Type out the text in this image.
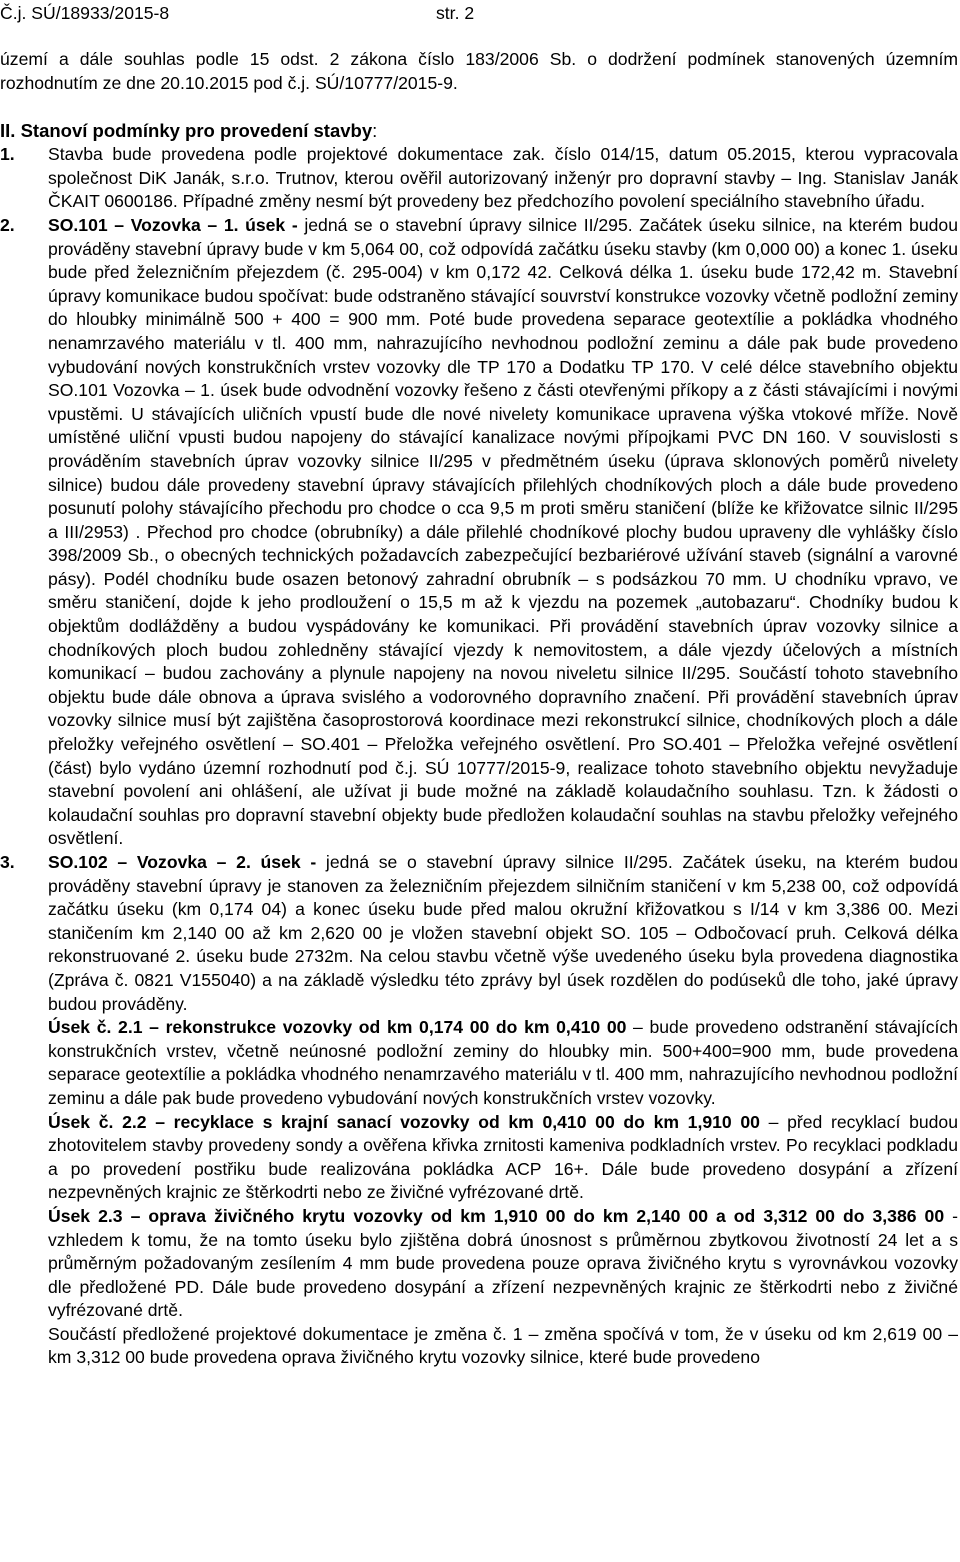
Č.j. SÚ/18933/2015-8	str. 2

území a dále souhlas podle 15 odst. 2 zákona číslo 183/2006 Sb. o dodržení podmínek stanovených územním rozhodnutím ze dne 20.10.2015 pod č.j. SÚ/10777/2015-9.

II. Stanoví podmínky pro provedení stavby:

1. Stavba bude provedena podle projektové dokumentace zak. číslo 014/15, datum 05.2015, kterou vypracovala společnost DiK Janák, s.r.o. Trutnov, kterou ověřil autorizovaný inženýr pro dopravní stavby – Ing. Stanislav Janák ČKAIT 0600186. Případné změny nesmí být provedeny bez předchozího povolení speciálního stavebního úřadu.

2. SO.101 – Vozovka – 1. úsek - jedná se o stavební úpravy silnice II/295. Začátek úseku silnice, na kterém budou prováděny stavební úpravy bude v km 5,064 00, což odpovídá začátku úseku stavby (km 0,000 00) a konec 1. úseku bude před železničním přejezdem (č. 295-004) v km 0,172 42. Celková délka 1. úseku bude 172,42 m. Stavební úpravy komunikace budou spočívat: bude odstraněno stávající souvrství konstrukce vozovky včetně podložní zeminy do hloubky minimálně 500 + 400 = 900 mm. Poté bude provedena separace geotextílie a pokládka vhodného nenamrzavého materiálu v tl. 400 mm, nahrazujícího nevhodnou podložní zeminu a dále pak bude provedeno vybudování nových konstrukčních vrstev vozovky dle TP 170 a Dodatku TP 170. V celé délce stavebního objektu SO.101 Vozovka – 1. úsek bude odvodnění vozovky řešeno z části otevřenými příkopy a z části stávajícími i novými vpustěmi. U stávajících uličních vpustí bude dle nové nivelety komunikace upravena výška vtokové mříže. Nově umístěné uliční vpusti budou napojeny do stávající kanalizace novými přípojkami PVC DN 160. V souvislosti s prováděním stavebních úprav vozovky silnice II/295 v předmětném úseku (úprava sklonových poměrů nivelety silnice) budou dále provedeny stavební úpravy stávajících přilehlých chodníkových ploch a dále bude provedeno posunutí polohy stávajícího přechodu pro chodce o cca 9,5 m proti směru staničení (blíže ke křižovatce silnic II/295 a III/2953) . Přechod pro chodce (obrubníky) a dále přilehlé chodníkové plochy budou upraveny dle vyhlášky číslo 398/2009 Sb., o obecných technických požadavcích zabezpečující bezbariérové užívání staveb (signální a varovné pásy). Podél chodníku bude osazen betonový zahradní obrubník – s podsázkou 70 mm. U chodníku vpravo, ve směru staničení, dojde k jeho prodloužení o 15,5 m až k vjezdu na pozemek „autobazaru“. Chodníky budou k objektům dodlážděny a budou vyspádovány ke komunikaci. Při provádění stavebních úprav vozovky silnice a chodníkových ploch budou zohledněny stávající vjezdy k nemovitostem, a dále vjezdy účelových a místních komunikací – budou zachovány a plynule napojeny na novou niveletu silnice II/295. Součástí tohoto stavebního objektu bude dále obnova a úprava svislého a vodorovného dopravního značení. Při provádění stavebních úprav vozovky silnice musí být zajištěna časoprostorová koordinace mezi rekonstrukcí silnice, chodníkových ploch a dále přeložky veřejného osvětlení – SO.401 – Přeložka veřejného osvětlení. Pro SO.401 – Přeložka veřejné osvětlení (část) bylo vydáno územní rozhodnutí pod č.j. SÚ 10777/2015-9, realizace tohoto stavebního objektu nevyžaduje stavební povolení ani ohlášení, ale užívat ji bude možné na základě kolaudačního souhlasu. Tzn. k žádosti o kolaudační souhlas pro dopravní stavební objekty bude předložen kolaudační souhlas na stavbu přeložky veřejného osvětlení.

3. SO.102 – Vozovka – 2. úsek - jedná se o stavební úpravy silnice II/295. Začátek úseku, na kterém budou prováděny stavební úpravy je stanoven za železničním přejezdem silničním staničení v km 5,238 00, což odpovídá začátku úseku (km 0,174 04) a konec úseku bude před malou okružní křižovatkou s I/14 v km 3,386 00. Mezi staničením km 2,140 00 až km 2,620 00 je vložen stavební objekt SO. 105 – Odbočovací pruh. Celková délka rekonstruované 2. úseku bude 2732m. Na celou stavbu včetně výše uvedeného úseku byla provedena diagnostika (Zpráva č. 0821 V155040) a na základě výsledku této zprávy byl úsek rozdělen do podúseků dle toho, jaké úpravy budou prováděny.

Úsek č. 2.1 – rekonstrukce vozovky od km 0,174 00 do km 0,410 00 – bude provedeno odstranění stávajících konstrukčních vrstev, včetně neúnosné podložní zeminy do hloubky min. 500+400=900 mm, bude provedena separace geotextílie a pokládka vhodného nenamrzavého materiálu v tl. 400 mm, nahrazujícího nevhodnou podložní zeminu a dále pak bude provedeno vybudování nových konstrukčních vrstev vozovky.

Úsek č. 2.2 – recyklace s krajní sanací vozovky od km 0,410 00 do km 1,910 00 – před recyklací budou zhotovitelem stavby provedeny sondy a ověřena křivka zrnitosti kameniva podkladních vrstev. Po recyklaci podkladu a po provedení postřiku bude realizována pokládka ACP 16+. Dále bude provedeno dosypání a zřízení nezpevněných krajnic ze štěrkodrti nebo ze živičné vyfrézované drtě.

Úsek 2.3 – oprava živičného krytu vozovky od km 1,910 00 do km 2,140 00 a od 3,312 00 do 3,386 00 - vzhledem k tomu, že na tomto úseku bylo zjištěna dobrá únosnost s průměrnou zbytkovou životností 24 let a s průměrným požadovaným zesílením 4 mm bude provedena pouze oprava živičného krytu s vyrovnávkou vozovky dle předložené PD. Dále bude provedeno dosypání a zřízení nezpevněných krajnic ze štěrkodrti nebo z živičné vyfrézované drtě.

Součástí předložené projektové dokumentace je změna č. 1 – změna spočívá v tom, že v úseku od km 2,619 00 – km 3,312 00 bude provedena oprava živičného krytu vozovky silnice, které bude provedeno
